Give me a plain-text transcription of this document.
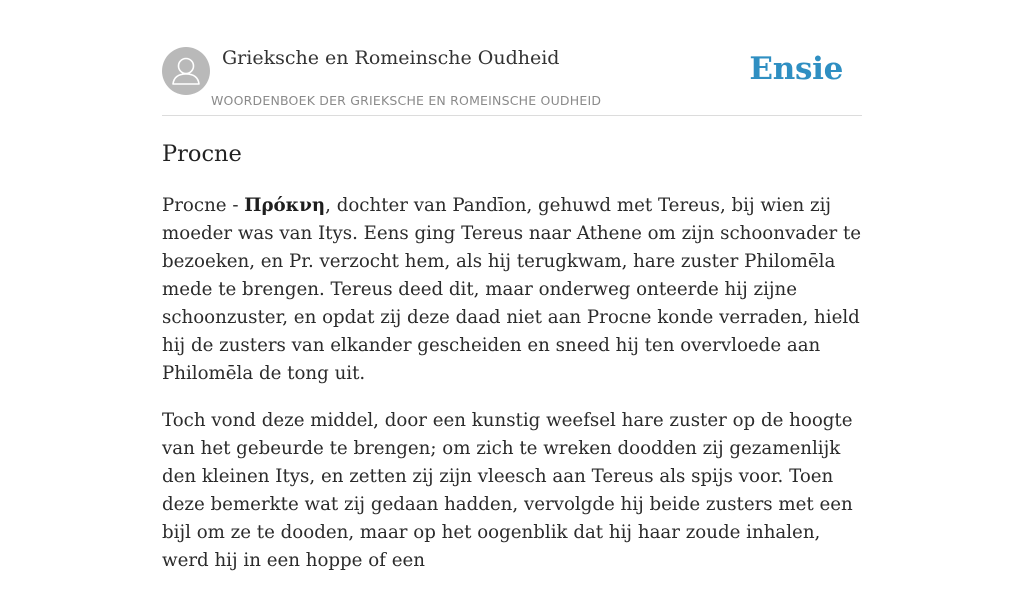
Grieksche en Romeinsche Oudheid
WOORDENBOEK DER GRIEKSCHE EN ROMEINSCHE OUDHEID
Ensie
Procne

Procne - Πρόκνη, dochter van Pandīon, gehuwd met Tereus, bij wien zij moeder was van Itys. Eens ging Tereus naar Athene om zijn schoonvader te bezoeken, en Pr. verzocht hem, als hij terugkwam, hare zuster Philomēla mede te brengen. Tereus deed dit, maar onderweg onteerde hij zijne schoonzuster, en opdat zij deze daad niet aan Procne konde verraden, hield hij de zusters van elkander gescheiden en sneed hij ten overvloede aan Philomēla de tong uit.

Toch vond deze middel, door een kunstig weefsel hare zuster op de hoogte van het gebeurde te brengen; om zich te wreken doodden zij gezamenlijk den kleinen Itys, en zetten zij zijn vleesch aan Tereus als spijs voor. Toen deze bemerkte wat zij gedaan hadden, vervolgde hij beide zusters met een bijl om ze te dooden, maar op het oogenblik dat hij haar zoude inhalen, werd hij in een hoppe of een
